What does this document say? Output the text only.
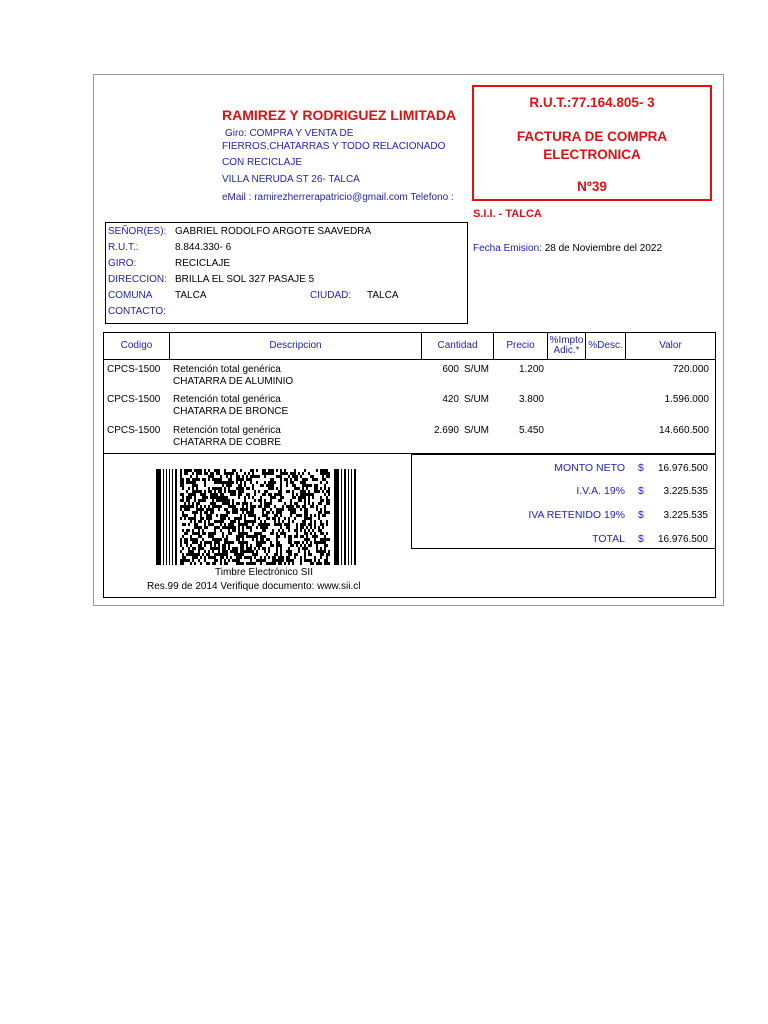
RAMIREZ Y RODRIGUEZ LIMITADA
Giro: COMPRA Y VENTA DE
FIERROS,CHATARRAS Y TODO RELACIONADO
CON RECICLAJE
VILLA NERUDA ST 26- TALCA
eMail : ramirezherrerapatricio@gmail.com Telefono :
R.U.T.:77.164.805- 3
FACTURA DE COMPRA
ELECTRONICA
Nº39
S.I.I. - TALCA
Fecha Emision: 28 de Noviembre del 2022
SEÑOR(ES): GABRIEL RODOLFO ARGOTE SAAVEDRA
R.U.T.:	8.844.330- 6
GIRO:	RECICLAJE
DIRECCION: BRILLA EL SOL 327 PASAJE 5
COMUNA TALCA	CIUDAD: TALCA
CONTACTO:
Codigo	Descripcion	Cantidad	Precio	%Impto
Adic.* %Desc.	Valor
CPCS-1500 Retención total genérica
CHATARRA DE ALUMINIO
600 S/UM	1.200	720.000
CPCS-1500 Retención total genérica
CHATARRA DE BRONCE
420 S/UM	3.800	1.596.000
CPCS-1500 Retención total genérica
CHATARRA DE COBRE
2.690 S/UM	5.450	14.660.500
MONTO NETO $ 16.976.500
I.V.A. 19% $ 3.225.535
IVA RETENIDO 19% $ 3.225.535
TOTAL $ 16.976.500
Timbre Electrónico SII
Res.99 de 2014 Verifique documento: www.sii.cl
